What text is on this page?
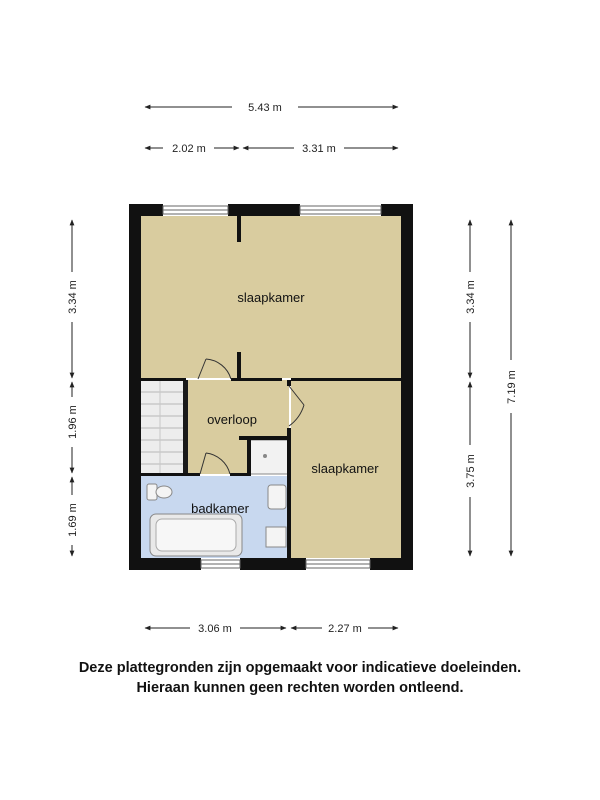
5.43 m
2.02 m	3.31 m
3.06 m	2.27 m
3.34 m
1.96 m
1.69 m
3.34 m
3.75 m
7.19 m
slaapkamer
overloop
slaapkamer
badkamer
Deze plattegronden zijn opgemaakt voor indicatieve doeleinden.
Hieraan kunnen geen rechten worden ontleend.
